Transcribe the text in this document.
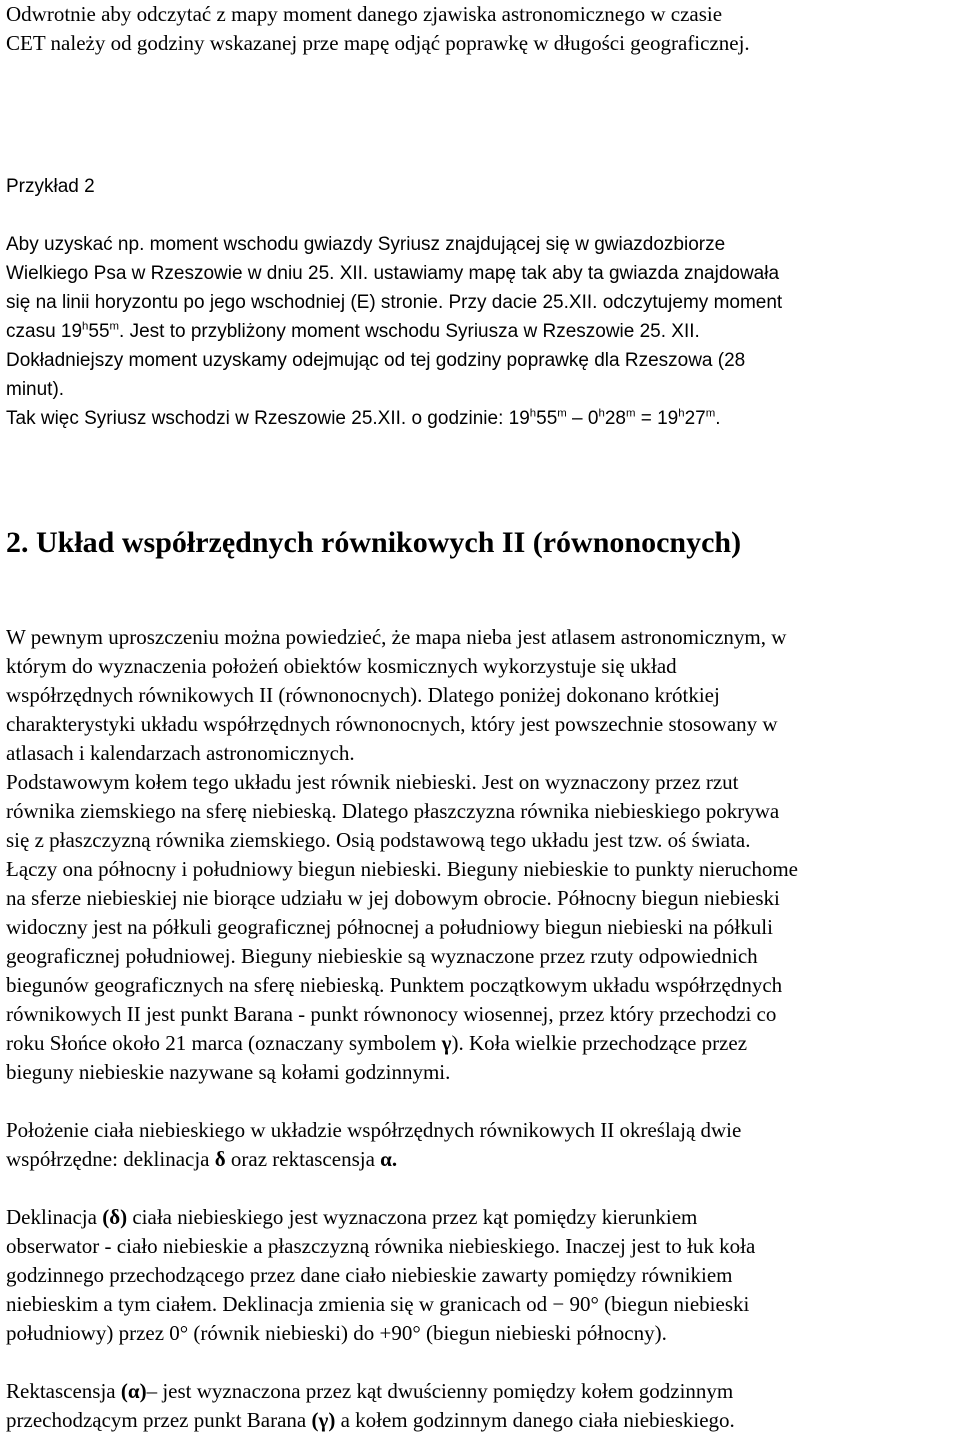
Odwrotnie aby odczytać z mapy moment danego zjawiska astronomicznego w czasie
CET należy od godziny wskazanej prze mapę odjąć poprawkę w długości geograficznej.
Przykład 2
Aby uzyskać np. moment wschodu gwiazdy Syriusz znajdującej się w gwiazdozbiorze
Wielkiego Psa w Rzeszowie w dniu 25. XII. ustawiamy mapę tak aby ta gwiazda znajdowała
się na linii horyzontu po jego wschodniej (E) stronie. Przy dacie 25.XII. odczytujemy moment
czasu 19$^h$55$^m$. Jest to przybliżony moment wschodu Syriusza w Rzeszowie 25. XII.
Dokładniejszy moment uzyskamy odejmując od tej godziny poprawkę dla Rzeszowa (28
minut).
Tak więc Syriusz wschodzi w Rzeszowie 25.XII. o godzinie: $19^h55^m - 0^h28^m = 19^h27^m$.
2. Układ współrzędnych równikowych II (równonocnych)
W pewnym uproszczeniu można powiedzieć, że mapa nieba jest atlasem astronomicznym, w
którym do wyznaczenia położeń obiektów kosmicznych wykorzystuje się układ
współrzędnych równikowych II (równonocnych). Dlatego poniżej dokonano krótkiej
charakterystyki układu współrzędnych równonocnych, który jest powszechnie stosowany w
atlasach i kalendarzach astronomicznych.
Podstawowym kołem tego układu jest równik niebieski. Jest on wyznaczony przez rzut
równika ziemskiego na sferę niebieską. Dlatego płaszczyzna równika niebieskiego pokrywa
się z płaszczyzną równika ziemskiego. Osią podstawową tego układu jest tzw. oś świata.
Łączy ona północny i południowy biegun niebieski. Bieguny niebieskie to punkty nieruchome
na sferze niebieskiej nie biorące udziału w jej dobowym obrocie. Północny biegun niebieski
widoczny jest na półkuli geograficznej północnej a południowy biegun niebieski na półkuli
geograficznej południowej. Bieguny niebieskie są wyznaczone przez rzuty odpowiednich
biegunów geograficznych na sferę niebieską. Punktem początkowym układu współrzędnych
równikowych II jest punkt Barana - punkt równonocy wiosennej, przez który przechodzi co
roku Słońce około 21 marca (oznaczany symbolem γ). Koła wielkie przechodzące przez
bieguny niebieskie nazywane są kołami godzinnymi.
Położenie ciała niebieskiego w układzie współrzędnych równikowych II określają dwie
współrzędne: deklinacja δ oraz rektascensja α.
Deklinacja (δ) ciała niebieskiego jest wyznaczona przez kąt pomiędzy kierunkiem
obserwator - ciało niebieskie a płaszczyzną równika niebieskiego. Inaczej jest to łuk koła
godzinnego przechodzącego przez dane ciało niebieskie zawarty pomiędzy równikiem
niebieskim a tym ciałem. Deklinacja zmienia się w granicach od − 90° (biegun niebieski
południowy) przez 0° (równik niebieski) do +90° (biegun niebieski północny).
Rektascensja (α)– jest wyznaczona przez kąt dwuścienny pomiędzy kołem godzinnym
przechodzącym przez punkt Barana (γ) a kołem godzinnym danego ciała niebieskiego.
